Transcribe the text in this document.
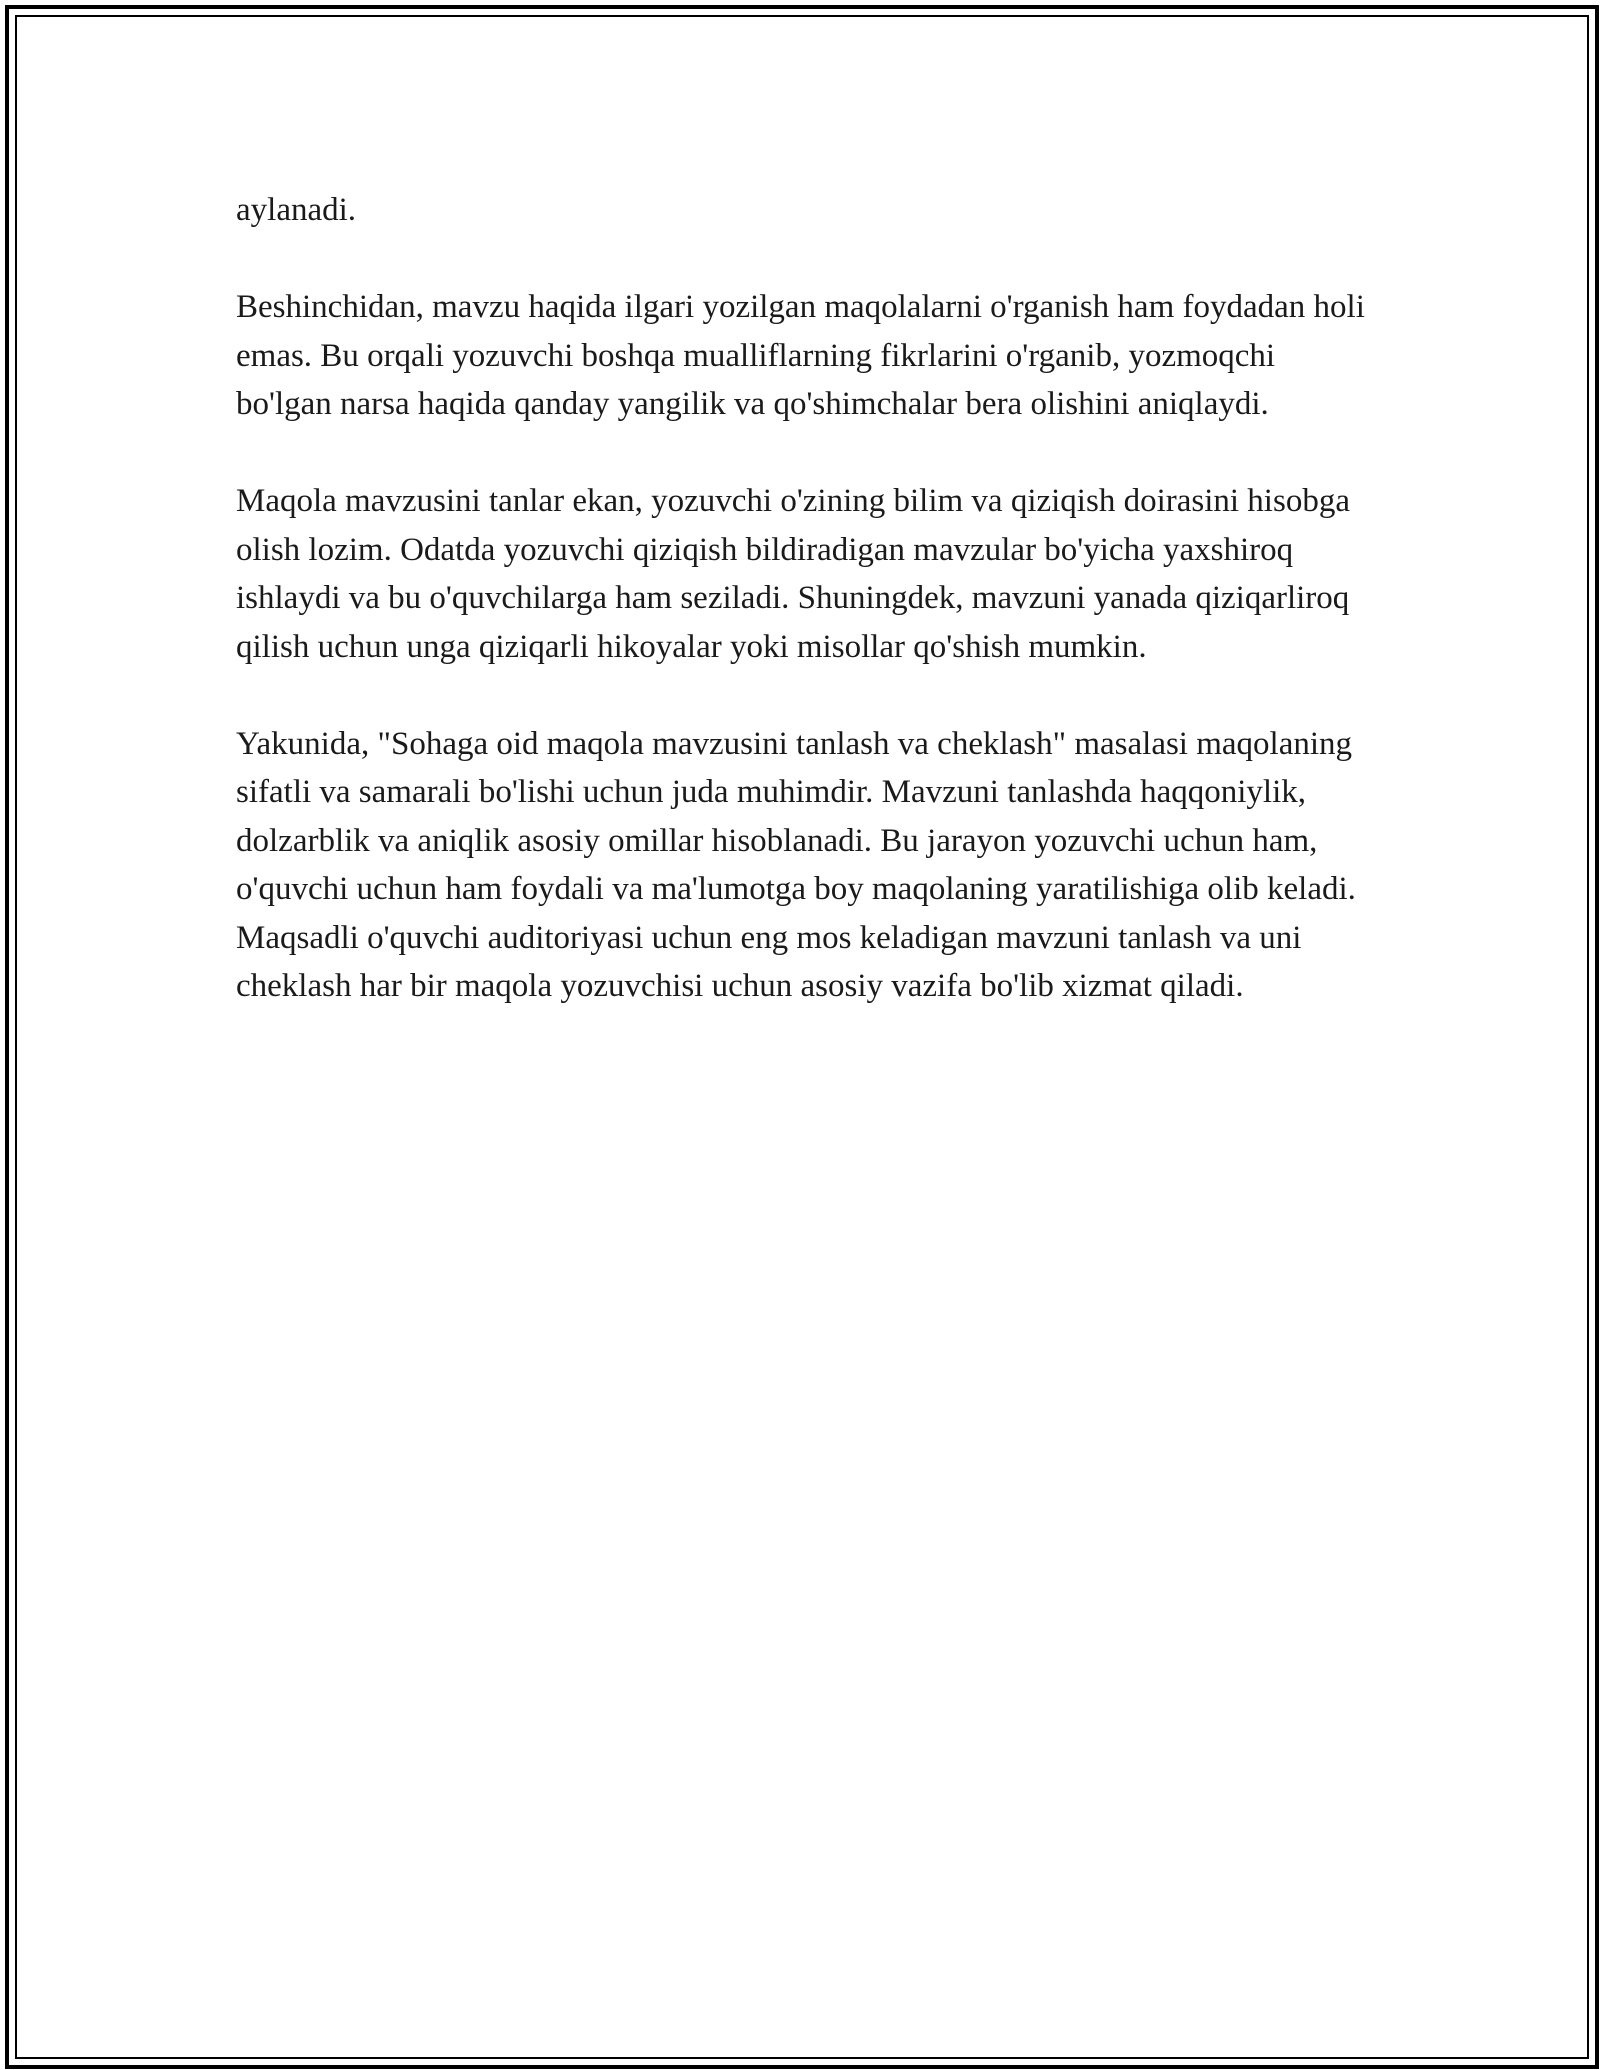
aylanadi.

Beshinchidan, mavzu haqida ilgari yozilgan maqolalarni o'rganish ham foydadan holi emas. Bu orqali yozuvchi boshqa mualliflarning fikrlarini o'rganib, yozmoqchi bo'lgan narsa haqida qanday yangilik va qo'shimchalar bera olishini aniqlaydi.

Maqola mavzusini tanlar ekan, yozuvchi o'zining bilim va qiziqish doirasini hisobga olish lozim. Odatda yozuvchi qiziqish bildiradigan mavzular bo'yicha yaxshiroq ishlaydi va bu o'quvchilarga ham seziladi. Shuningdek, mavzuni yanada qiziqarliroq qilish uchun unga qiziqarli hikoyalar yoki misollar qo'shish mumkin.

Yakunida, "Sohaga oid maqola mavzusini tanlash va cheklash" masalasi maqolaning sifatli va samarali bo'lishi uchun juda muhimdir. Mavzuni tanlashda haqqoniylik, dolzarblik va aniqlik asosiy omillar hisoblanadi. Bu jarayon yozuvchi uchun ham, o'quvchi uchun ham foydali va ma'lumotga boy maqolaning yaratilishiga olib keladi. Maqsadli o'quvchi auditoriyasi uchun eng mos keladigan mavzuni tanlash va uni cheklash har bir maqola yozuvchisi uchun asosiy vazifa bo'lib xizmat qiladi.
